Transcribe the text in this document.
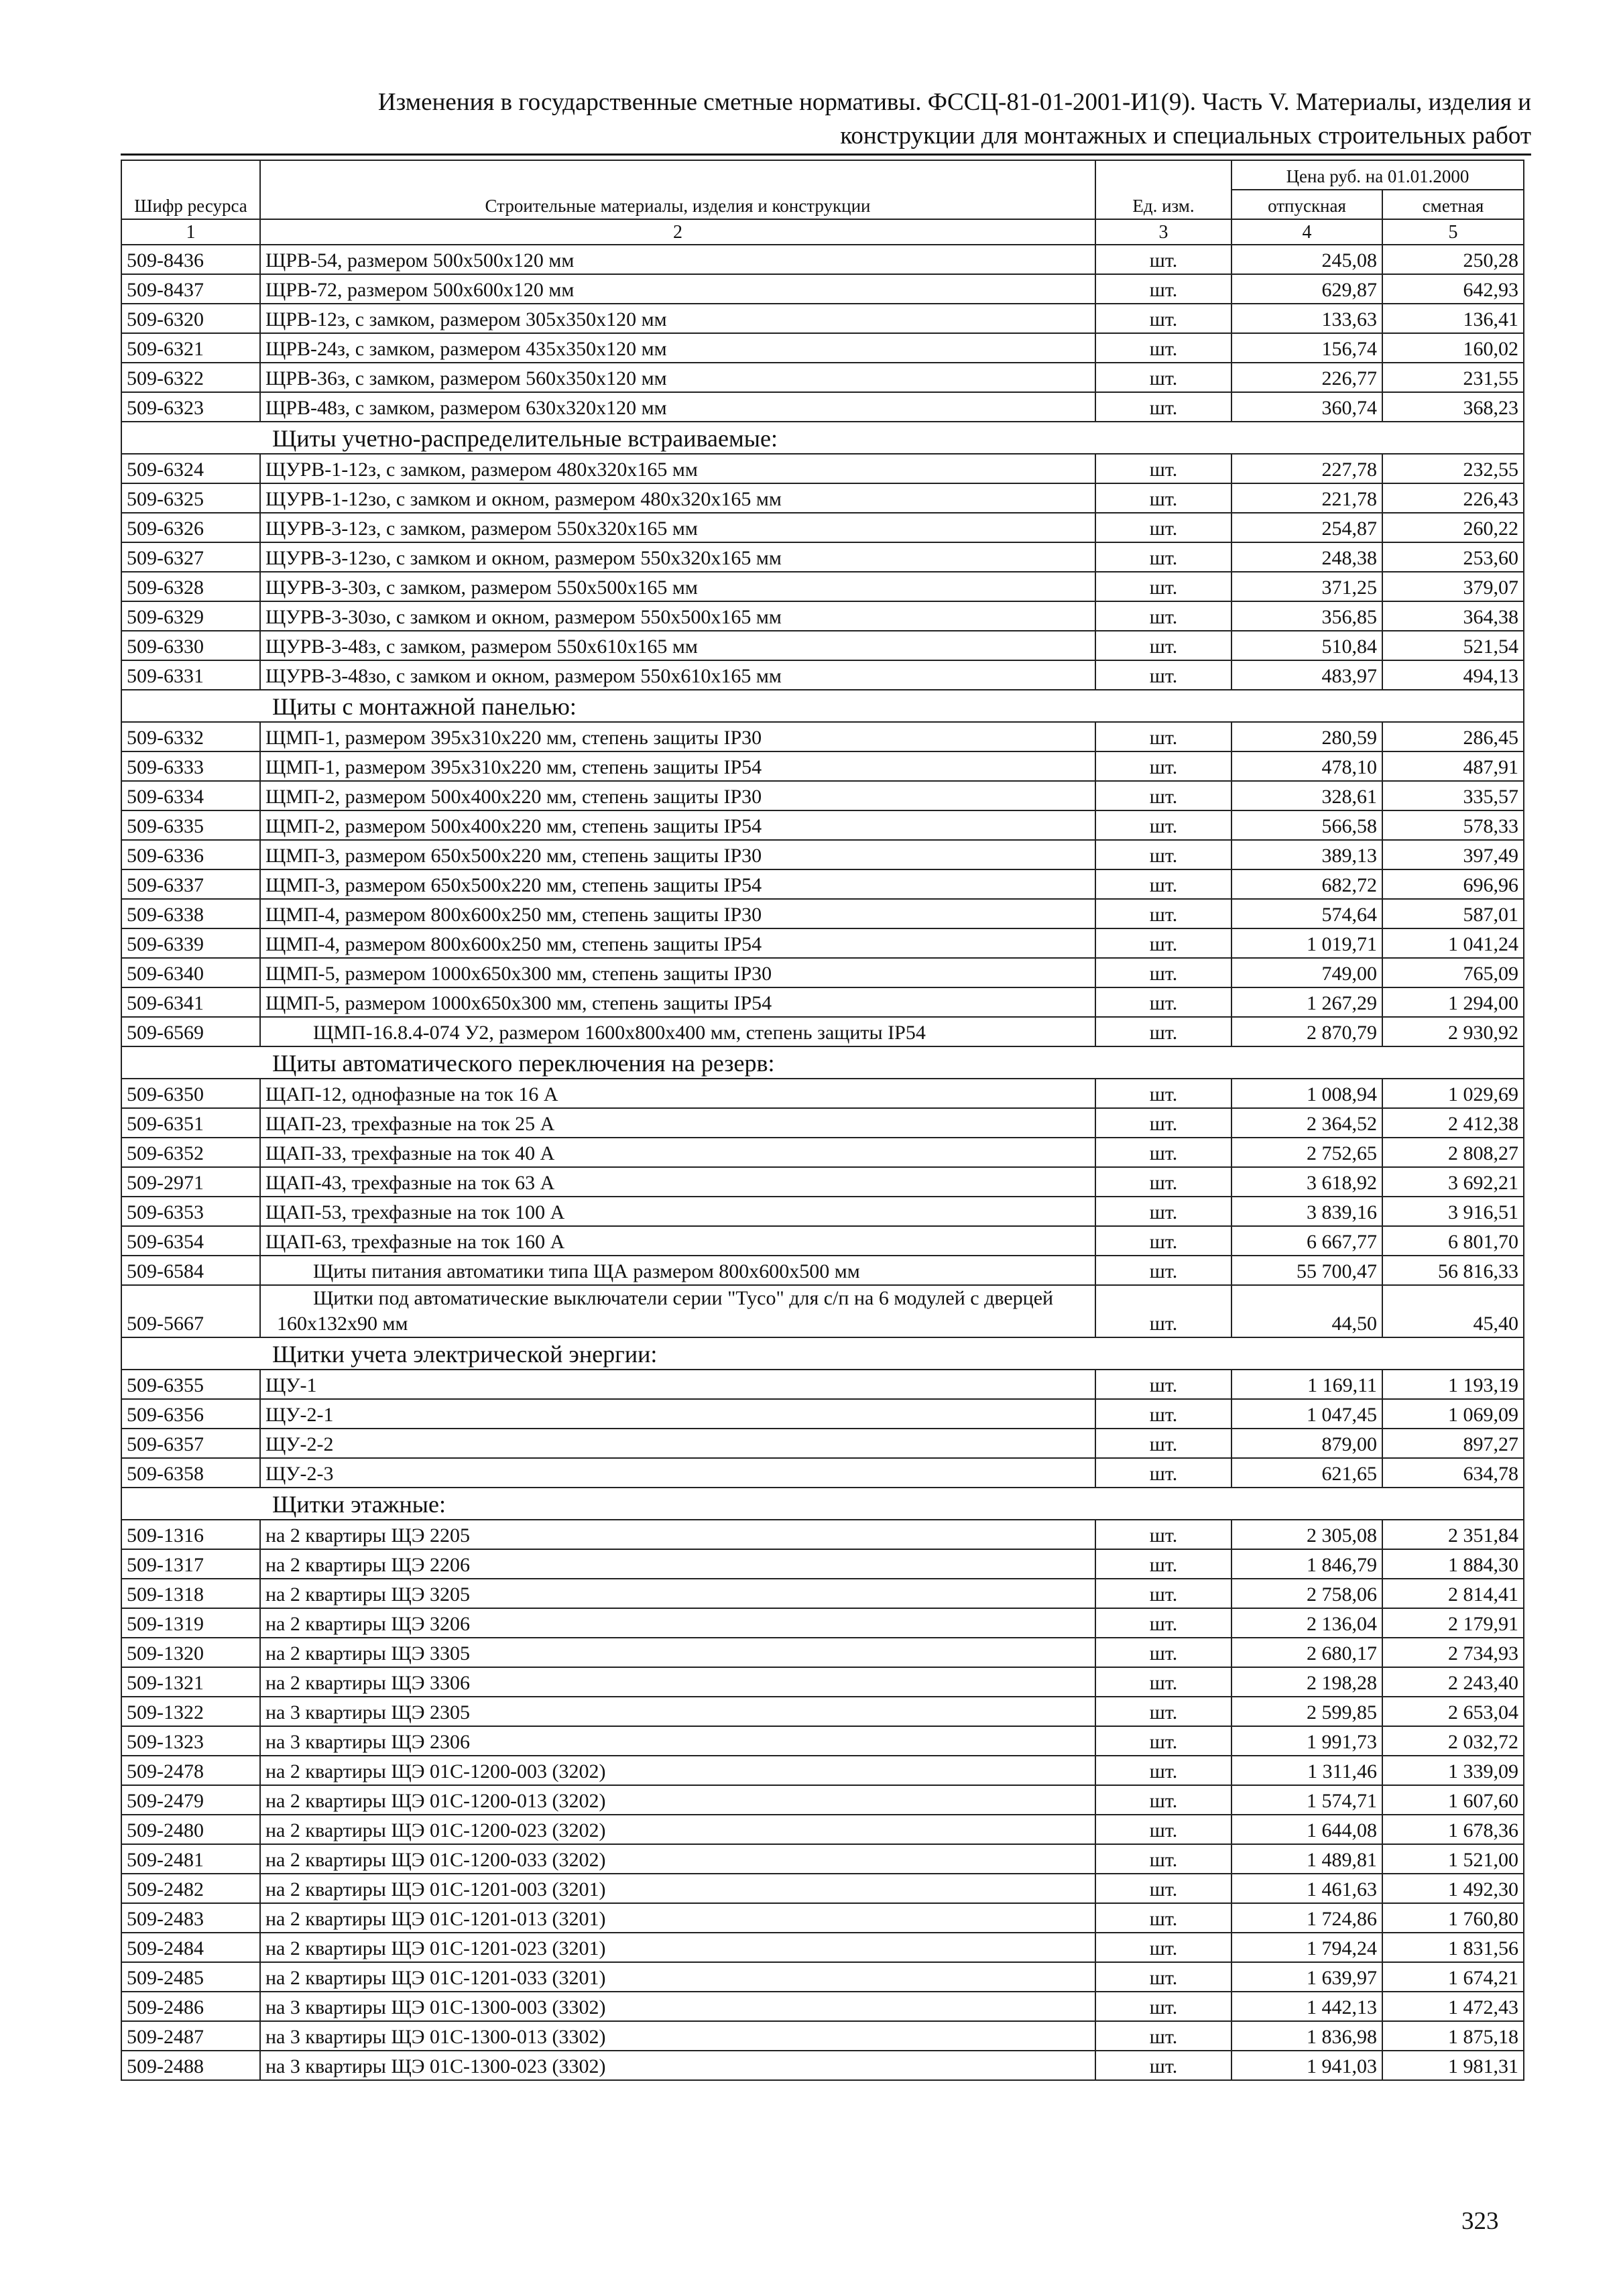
Изменения в государственные сметные нормативы. ФССЦ-81-01-2001-И1(9). Часть V. Материалы, изделия и
конструкции для монтажных и специальных строительных работ
Шифр ресурса	Строительные материалы, изделия и конструкции	Ед. изм.	Цена руб. на 01.01.2000	
			отпускная	сметная
1	2	3	4	5
509-8436	ЩРВ-54, размером 500х500х120 мм	шт.	245,08	250,28
509-8437	ЩРВ-72, размером 500х600х120 мм	шт.	629,87	642,93
509-6320	ЩРВ-12з, с замком, размером 305х350х120 мм	шт.	133,63	136,41
509-6321	ЩРВ-24з, с замком, размером 435х350х120 мм	шт.	156,74	160,02
509-6322	ЩРВ-36з, с замком, размером 560х350х120 мм	шт.	226,77	231,55
509-6323	ЩРВ-48з, с замком, размером 630х320х120 мм	шт.	360,74	368,23
Щиты учетно-распределительные встраиваемые:				
509-6324	ЩУРВ-1-12з, с замком, размером 480х320х165 мм	шт.	227,78	232,55
509-6325	ЩУРВ-1-12зо, с замком и окном, размером 480х320х165 мм	шт.	221,78	226,43
509-6326	ЩУРВ-3-12з, с замком, размером 550х320х165 мм	шт.	254,87	260,22
509-6327	ЩУРВ-3-12зо, с замком и окном, размером 550х320х165 мм	шт.	248,38	253,60
509-6328	ЩУРВ-3-30з, с замком, размером 550х500х165 мм	шт.	371,25	379,07
509-6329	ЩУРВ-3-30зо, с замком и окном, размером 550х500х165 мм	шт.	356,85	364,38
509-6330	ЩУРВ-3-48з, с замком, размером 550х610х165 мм	шт.	510,84	521,54
509-6331	ЩУРВ-3-48зо, с замком и окном, размером 550х610х165 мм	шт.	483,97	494,13
Щиты с монтажной панелью:				
509-6332	ЩМП-1, размером 395х310х220 мм, степень защиты IP30	шт.	280,59	286,45
509-6333	ЩМП-1, размером 395х310х220 мм, степень защиты IP54	шт.	478,10	487,91
509-6334	ЩМП-2, размером 500х400х220 мм, степень защиты IP30	шт.	328,61	335,57
509-6335	ЩМП-2, размером 500х400х220 мм, степень защиты IP54	шт.	566,58	578,33
509-6336	ЩМП-3, размером 650х500х220 мм, степень защиты IP30	шт.	389,13	397,49
509-6337	ЩМП-3, размером 650х500х220 мм, степень защиты IP54	шт.	682,72	696,96
509-6338	ЩМП-4, размером 800х600х250 мм, степень защиты IP30	шт.	574,64	587,01
509-6339	ЩМП-4, размером 800х600х250 мм, степень защиты IP54	шт.	1 019,71	1 041,24
509-6340	ЩМП-5, размером 1000х650х300 мм, степень защиты IP30	шт.	749,00	765,09
509-6341	ЩМП-5, размером 1000х650х300 мм, степень защиты IP54	шт.	1 267,29	1 294,00
509-6569	ЩМП-16.8.4-074 У2, размером 1600х800х400 мм, степень защиты IP54	шт.	2 870,79	2 930,92
Щиты автоматического переключения на резерв:				
509-6350	ЩАП-12, однофазные на ток 16 А	шт.	1 008,94	1 029,69
509-6351	ЩАП-23, трехфазные на ток 25 А	шт.	2 364,52	2 412,38
509-6352	ЩАП-33, трехфазные на ток 40 А	шт.	2 752,65	2 808,27
509-2971	ЩАП-43, трехфазные на ток 63 А	шт.	3 618,92	3 692,21
509-6353	ЩАП-53, трехфазные на ток 100 А	шт.	3 839,16	3 916,51
509-6354	ЩАП-63, трехфазные на ток 160 А	шт.	6 667,77	6 801,70
509-6584	Щиты питания автоматики типа ЩА размером 800х600х500 мм	шт.	55 700,47	56 816,33
509-5667	Щитки под автоматические выключатели серии "Тусо" для с/п на 6 модулей с дверцей 160х132х90 мм	шт.	44,50	45,40
Щитки учета электрической энергии:				
509-6355	ЩУ-1	шт.	1 169,11	1 193,19
509-6356	ЩУ-2-1	шт.	1 047,45	1 069,09
509-6357	ЩУ-2-2	шт.	879,00	897,27
509-6358	ЩУ-2-3	шт.	621,65	634,78
Щитки этажные:				
509-1316	на 2 квартиры ЩЭ 2205	шт.	2 305,08	2 351,84
509-1317	на 2 квартиры ЩЭ 2206	шт.	1 846,79	1 884,30
509-1318	на 2 квартиры ЩЭ 3205	шт.	2 758,06	2 814,41
509-1319	на 2 квартиры ЩЭ 3206	шт.	2 136,04	2 179,91
509-1320	на 2 квартиры ЩЭ 3305	шт.	2 680,17	2 734,93
509-1321	на 2 квартиры ЩЭ 3306	шт.	2 198,28	2 243,40
509-1322	на 3 квартиры ЩЭ 2305	шт.	2 599,85	2 653,04
509-1323	на 3 квартиры ЩЭ 2306	шт.	1 991,73	2 032,72
509-2478	на 2 квартиры ЩЭ 01С-1200-003 (3202)	шт.	1 311,46	1 339,09
509-2479	на 2 квартиры ЩЭ 01С-1200-013 (3202)	шт.	1 574,71	1 607,60
509-2480	на 2 квартиры ЩЭ 01С-1200-023 (3202)	шт.	1 644,08	1 678,36
509-2481	на 2 квартиры ЩЭ 01С-1200-033 (3202)	шт.	1 489,81	1 521,00
509-2482	на 2 квартиры ЩЭ 01С-1201-003 (3201)	шт.	1 461,63	1 492,30
509-2483	на 2 квартиры ЩЭ 01С-1201-013 (3201)	шт.	1 724,86	1 760,80
509-2484	на 2 квартиры ЩЭ 01С-1201-023 (3201)	шт.	1 794,24	1 831,56
509-2485	на 2 квартиры ЩЭ 01С-1201-033 (3201)	шт.	1 639,97	1 674,21
509-2486	на 3 квартиры ЩЭ 01С-1300-003 (3302)	шт.	1 442,13	1 472,43
509-2487	на 3 квартиры ЩЭ 01С-1300-013 (3302)	шт.	1 836,98	1 875,18
509-2488	на 3 квартиры ЩЭ 01С-1300-023 (3302)	шт.	1 941,03	1 981,31
323
